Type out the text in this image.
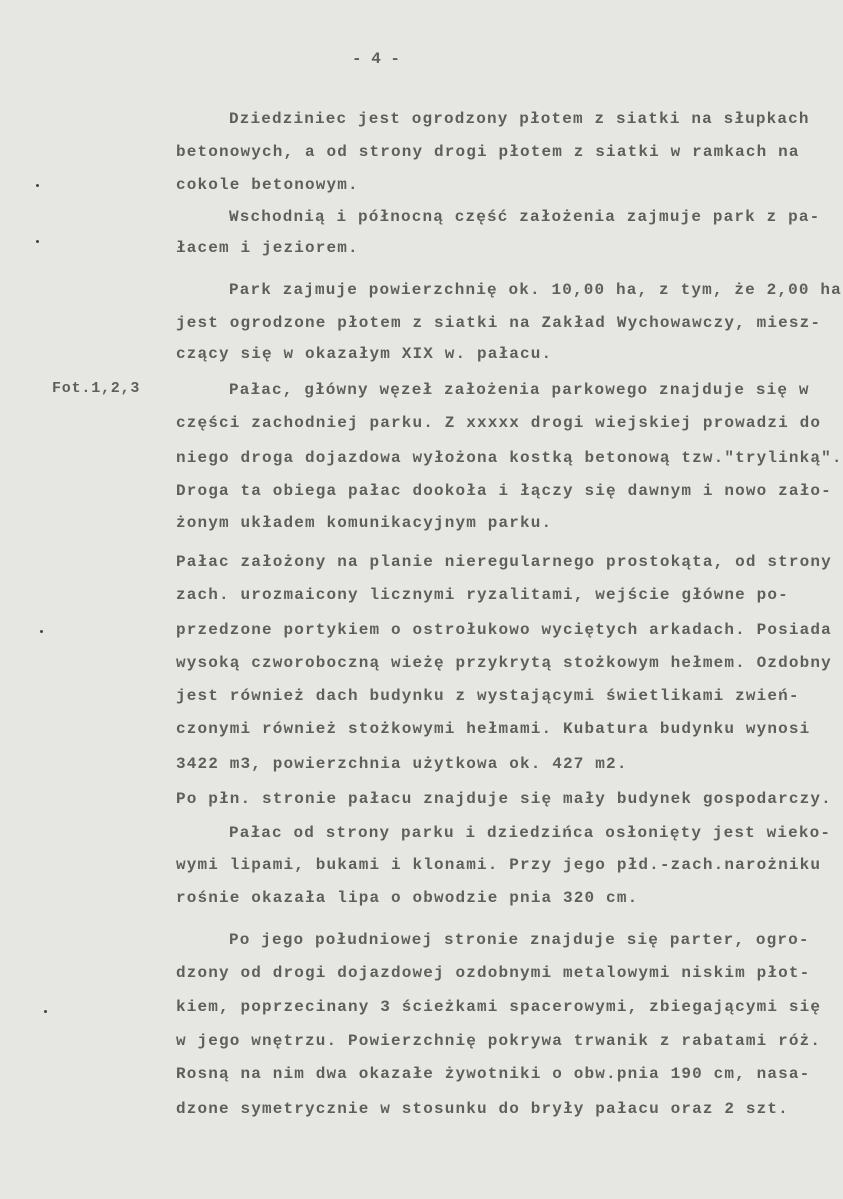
- 4 -
Fot.1,2,3
Dziedziniec jest ogrodzony płotem z siatki na słupkach
betonowych, a od strony drogi płotem z siatki w ramkach na
cokole betonowym.
Wschodnią i północną część założenia zajmuje park z pa-
łacem i jeziorem.
Park zajmuje powierzchnię ok. 10,00 ha, z tym, że 2,00 ha
jest ogrodzone płotem z siatki na Zakład Wychowawczy, miesz-
czący się w okazałym XIX w. pałacu.
Pałac, główny węzeł założenia parkowego znajduje się w
części zachodniej parku. Z xxxxx drogi wiejskiej prowadzi do
niego droga dojazdowa wyłożona kostką betonową tzw."trylinką".
Droga ta obiega pałac dookoła i łączy się dawnym i nowo zało-
żonym układem komunikacyjnym parku.
Pałac założony na planie nieregularnego prostokąta, od strony
zach. urozmaicony licznymi ryzalitami, wejście główne po-
przedzone portykiem o ostrołukowo wyciętych arkadach. Posiada
wysoką czworoboczną wieżę przykrytą stożkowym hełmem. Ozdobny
jest również dach budynku z wystającymi świetlikami zwień-
czonymi również stożkowymi hełmami. Kubatura budynku wynosi
3422 m3, powierzchnia użytkowa ok. 427 m2.
Po płn. stronie pałacu znajduje się mały budynek gospodarczy.
Pałac od strony parku i dziedzińca osłonięty jest wieko-
wymi lipami, bukami i klonami. Przy jego płd.-zach.narożniku
rośnie okazała lipa o obwodzie pnia 320 cm.
Po jego południowej stronie znajduje się parter, ogro-
dzony od drogi dojazdowej ozdobnymi metalowymi niskim płot-
kiem, poprzecinany 3 ścieżkami spacerowymi, zbiegającymi się
w jego wnętrzu. Powierzchnię pokrywa trwanik z rabatami róż.
Rosną na nim dwa okazałe żywotniki o obw.pnia 190 cm, nasa-
dzone symetrycznie w stosunku do bryły pałacu oraz 2 szt.
